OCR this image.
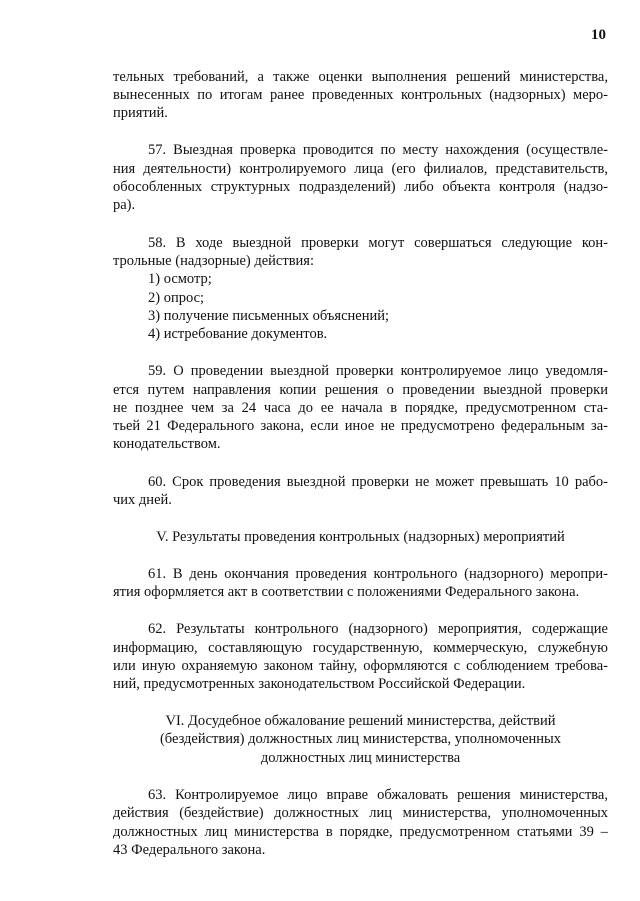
10

тельных требований, а также оценки выполнения решений министерства,

вынесенных по итогам ранее проведенных контрольных (надзорных) меро-

приятий.

57. Выездная проверка проводится по месту нахождения (осуществле-

ния деятельности) контролируемого лица (его филиалов, представительств,

обособленных структурных подразделений) либо объекта контроля (надзо-

ра).

58. В ходе выездной проверки могут совершаться следующие кон-

трольные (надзорные) действия:

1) осмотр;

2) опрос;

3) получение письменных объяснений;

4) истребование документов.

59. О проведении выездной проверки контролируемое лицо уведомля-

ется путем направления копии решения о проведении выездной проверки

не позднее чем за 24 часа до ее начала в порядке, предусмотренном ста-

тьей 21 Федерального закона, если иное не предусмотрено федеральным за-

конодательством.

60. Срок проведения выездной проверки не может превышать 10 рабо-

чих дней.

V. Результаты проведения контрольных (надзорных) мероприятий

61. В день окончания проведения контрольного (надзорного) меропри-

ятия оформляется акт в соответствии с положениями Федерального закона.

62. Результаты контрольного (надзорного) мероприятия, содержащие

информацию, составляющую государственную, коммерческую, служебную

или иную охраняемую законом тайну, оформляются с соблюдением требова-

ний, предусмотренных законодательством Российской Федерации.

VI. Досудебное обжалование решений министерства, действий

(бездействия) должностных лиц министерства, уполномоченных

должностных лиц министерства

63. Контролируемое лицо вправе обжаловать решения министерства,

действия (бездействие) должностных лиц министерства, уполномоченных

должностных лиц министерства в порядке, предусмотренном статьями 39 –

43 Федерального закона.
